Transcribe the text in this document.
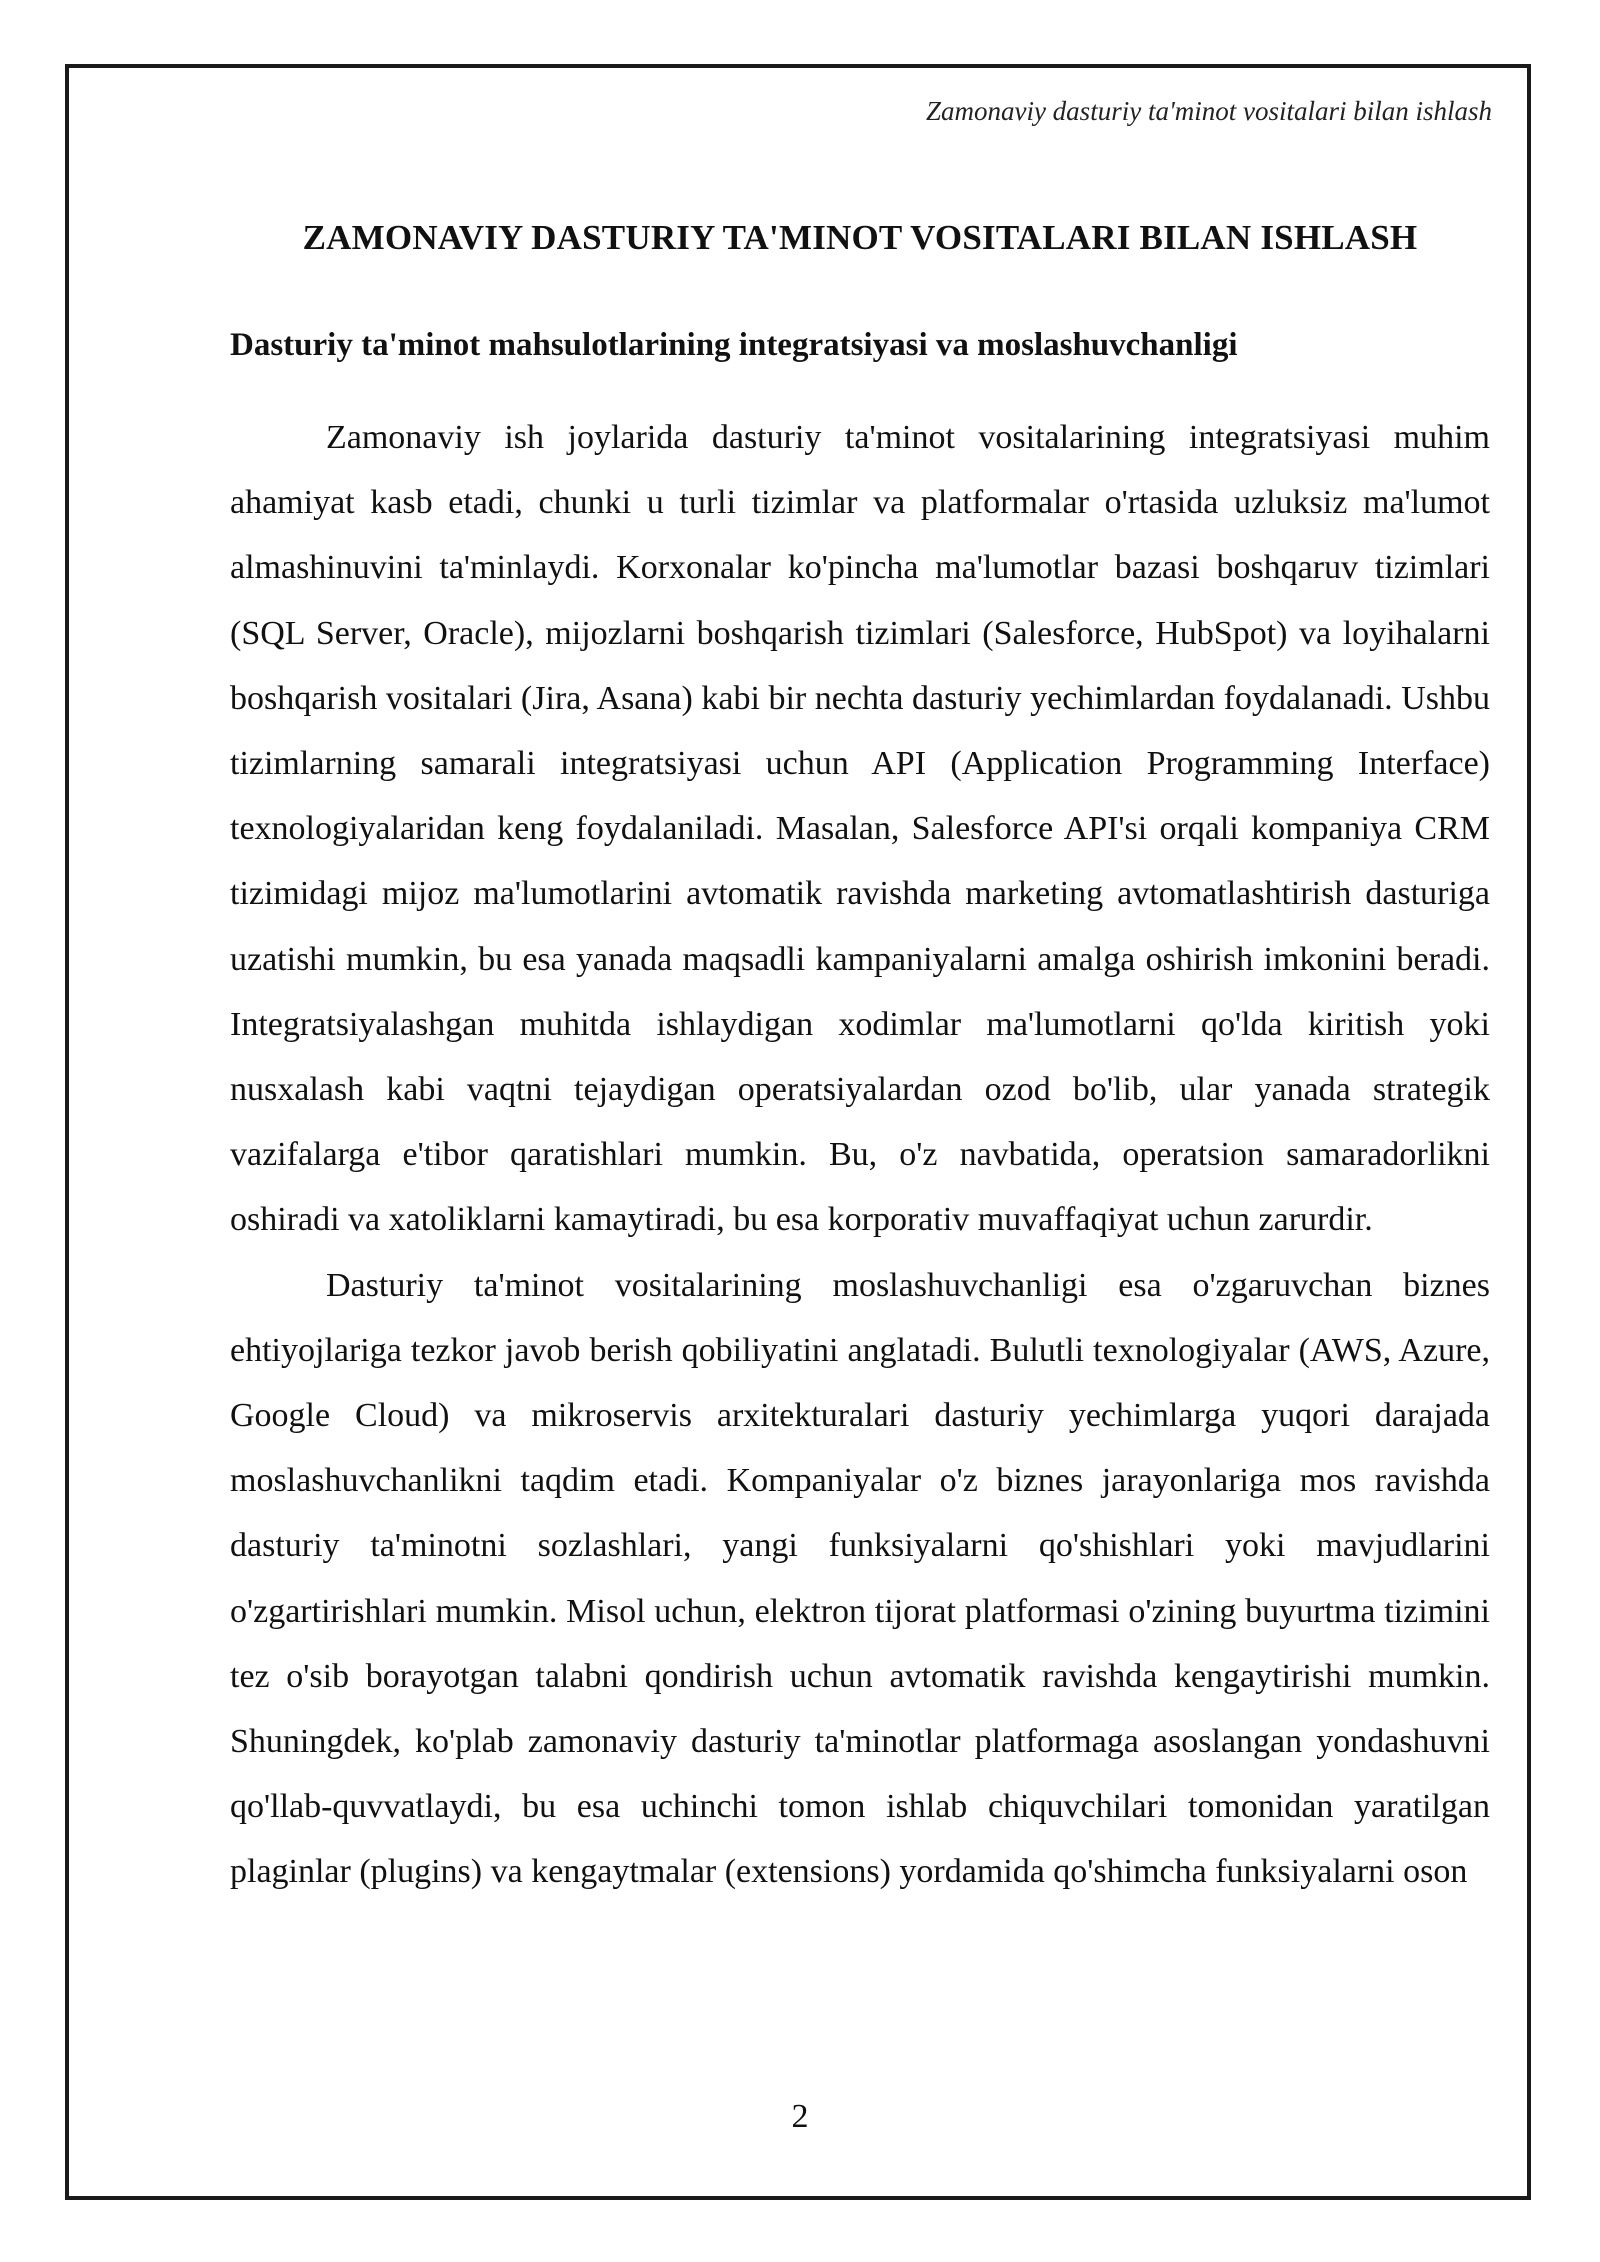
Zamonaviy dasturiy ta'minot vositalari bilan ishlash
ZAMONAVIY DASTURIY TA'MINOT VOSITALARI BILAN ISHLASH
Dasturiy ta'minot mahsulotlarining integratsiyasi va moslashuvchanligi

Zamonaviy ish joylarida dasturiy ta'minot vositalarining integratsiyasi muhim ahamiyat kasb etadi, chunki u turli tizimlar va platformalar o'rtasida uzluksiz ma'lumot almashinuvini ta'minlaydi. Korxonalar ko'pincha ma'lumotlar bazasi boshqaruv tizimlari (SQL Server, Oracle), mijozlarni boshqarish tizimlari (Salesforce, HubSpot) va loyihalarni boshqarish vositalari (Jira, Asana) kabi bir nechta dasturiy yechimlardan foydalanadi. Ushbu tizimlarning samarali integratsiyasi uchun API (Application Programming Interface) texnologiyalaridan keng foydalaniladi. Masalan, Salesforce API'si orqali kompaniya CRM tizimidagi mijoz ma'lumotlarini avtomatik ravishda marketing avtomatlashtirish dasturiga uzatishi mumkin, bu esa yanada maqsadli kampaniyalarni amalga oshirish imkonini beradi. Integratsiyalashgan muhitda ishlaydigan xodimlar ma'lumotlarni qo'lda kiritish yoki nusxalash kabi vaqtni tejaydigan operatsiyalardan ozod bo'lib, ular yanada strategik vazifalarga e'tibor qaratishlari mumkin. Bu, o'z navbatida, operatsion samaradorlikni oshiradi va xatoliklarni kamaytiradi, bu esa korporativ muvaffaqiyat uchun zarurdir.

Dasturiy ta'minot vositalarining moslashuvchanligi esa o'zgaruvchan biznes ehtiyojlariga tezkor javob berish qobiliyatini anglatadi. Bulutli texnologiyalar (AWS, Azure, Google Cloud) va mikroservis arxitekturalari dasturiy yechimlarga yuqori darajada moslashuvchanlikni taqdim etadi. Kompaniyalar o'z biznes jarayonlariga mos ravishda dasturiy ta'minotni sozlashlari, yangi funksiyalarni qo'shishlari yoki mavjudlarini o'zgartirishlari mumkin. Misol uchun, elektron tijorat platformasi o'zining buyurtma tizimini tez o'sib borayotgan talabni qondirish uchun avtomatik ravishda kengaytirishi mumkin. Shuningdek, ko'plab zamonaviy dasturiy ta'minotlar platformaga asoslangan yondashuvni qo'llab-quvvatlaydi, bu esa uchinchi tomon ishlab chiquvchilari tomonidan yaratilgan plaginlar (plugins) va kengaytmalar (extensions) yordamida qo'shimcha funksiyalarni oson

2
